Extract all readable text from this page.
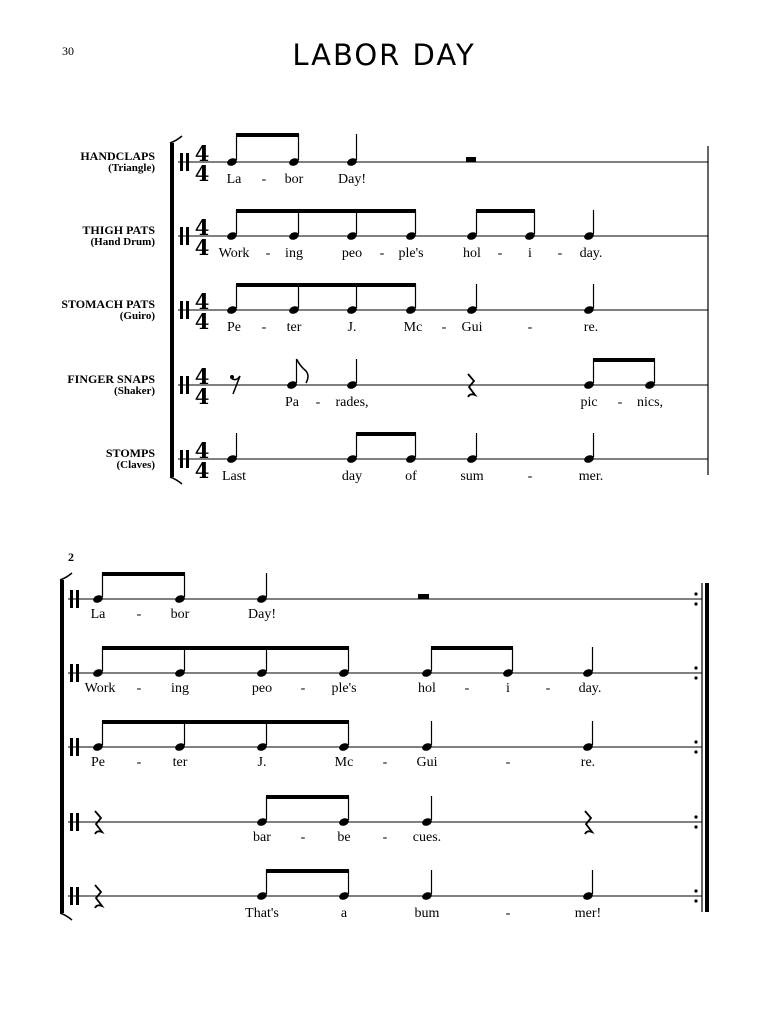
30	LABOR DAY
HANDCLAPS
(Triangle)
THIGH PATS
(Hand Drum)
STOMACH PATS
(Guiro)
FINGER SNAPS
(Shaker)
STOMPS
(Claves)
2
4
4
4
4
4
4
4
4
4
4
La - bor Day!
Work - ing	peo - ple's	hol - i - day.
Pe - ter	J.	Mc - Gui	-	re.
Pa - rades,	pic - nics,
Last	day	of	sum	-	mer.
La - bor	Day!
Work - ing	peo - ple's	hol -	i	- day.
Pe - ter	J.	Mc - Gui	-	re.
bar - be - cues.
That's	a	bum	-	mer!
